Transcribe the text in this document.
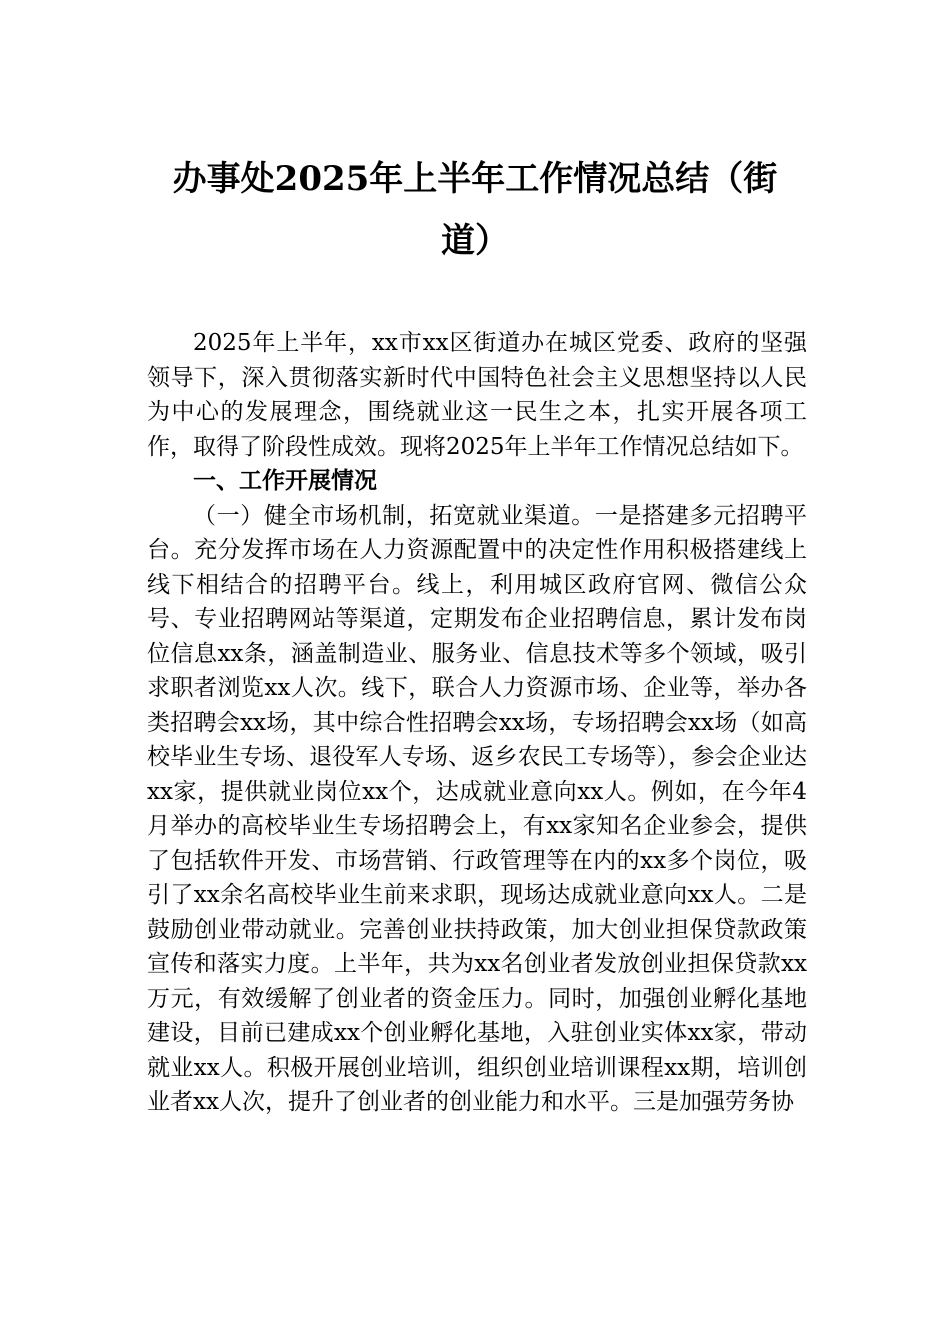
办事处2025年上半年工作情况总结（街
道）

2025年上半年，xx市xx区街道办在城区党委、政府的坚强领导下，深入贯彻落实新时代中国特色社会主义思想坚持以人民为中心的发展理念，围绕就业这一民生之本，扎实开展各项工作，取得了阶段性成效。现将2025年上半年工作情况总结如下。

一、工作开展情况

（一）健全市场机制，拓宽就业渠道。一是搭建多元招聘平台。充分发挥市场在人力资源配置中的决定性作用积极搭建线上线下相结合的招聘平台。线上，利用城区政府官网、微信公众号、专业招聘网站等渠道，定期发布企业招聘信息，累计发布岗位信息xx条，涵盖制造业、服务业、信息技术等多个领域，吸引求职者浏览xx人次。线下，联合人力资源市场、企业等，举办各类招聘会xx场，其中综合性招聘会xx场，专场招聘会xx场（如高校毕业生专场、退役军人专场、返乡农民工专场等），参会企业达xx家，提供就业岗位xx个，达成就业意向xx人。例如，在今年4月举办的高校毕业生专场招聘会上，有xx家知名企业参会，提供了包括软件开发、市场营销、行政管理等在内的xx多个岗位，吸引了xx余名高校毕业生前来求职，现场达成就业意向xx人。二是鼓励创业带动就业。完善创业扶持政策，加大创业担保贷款政策宣传和落实力度。上半年，共为xx名创业者发放创业担保贷款xx万元，有效缓解了创业者的资金压力。同时，加强创业孵化基地建设，目前已建成xx个创业孵化基地，入驻创业实体xx家，带动就业xx人。积极开展创业培训，组织创业培训课程xx期，培训创业者xx人次，提升了创业者的创业能力和水平。三是加强劳务协
